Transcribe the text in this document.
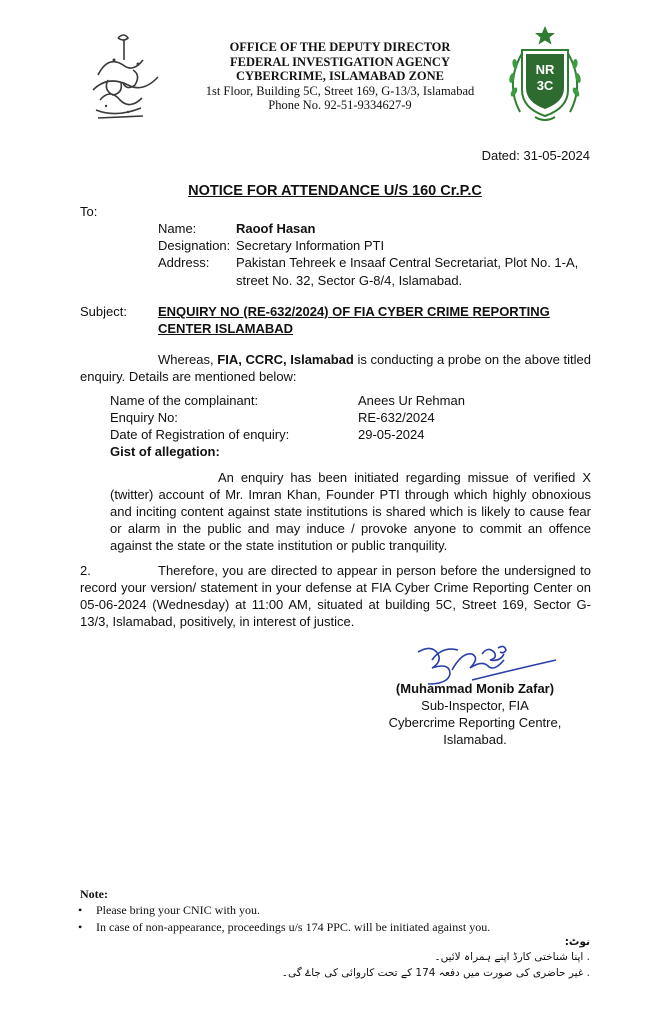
OFFICE OF THE DEPUTY DIRECTOR
FEDERAL INVESTIGATION AGENCY
CYBERCRIME, ISLAMABAD ZONE
1st Floor, Building 5C, Street 169, G-13/3, Islamabad
Phone No. 92-51-9334627-9
NR
3C
Dated: 31-05-2024
NOTICE FOR ATTENDANCE U/S 160 Cr.P.C
To:
Name:	Raoof Hasan
Designation: Secretary Information PTI
Address: Pakistan Tehreek e Insaaf Central Secretariat, Plot No. 1-A,
street No. 32, Sector G-8/4, Islamabad.
Subject: ENQUIRY NO (RE-632/2024) OF FIA CYBER CRIME REPORTING
CENTER ISLAMABAD
Whereas, FIA, CCRC, Islamabad is conducting a probe on the above titled enquiry. Details are mentioned below:
Name of the complainant:	Anees Ur Rehman
Enquiry No:	RE-632/2024
Date of Registration of enquiry:	29-05-2024
Gist of allegation:
An enquiry has been initiated regarding missue of verified X (twitter) account of Mr. Imran Khan, Founder PTI through which highly obnoxious and inciting content against state institutions is shared which is likely to cause fear or alarm in the public and may induce / provoke anyone to commit an offence against the state or the state institution or public tranquility.
2.	Therefore, you are directed to appear in person before the undersigned to record your version/ statement in your defense at FIA Cyber Crime Reporting Center on 05-06-2024 (Wednesday) at 11:00 AM, situated at building 5C, Street 169, Sector G-13/3, Islamabad, positively, in interest of justice.
(Muhammad Monib Zafar)
Sub-Inspector, FIA
Cybercrime Reporting Centre,
Islamabad.
Note:
• Please bring your CNIC with you.
• In case of non-appearance, proceedings u/s 174 PPC. will be initiated against you.
نوٹ:
. اپنا شناختی کارڈ اپنے ہمراہ لائیں۔
. غیر حاضری کی صورت میں دفعہ 174 کے تحت کاروائی کی جاۓ گی۔
